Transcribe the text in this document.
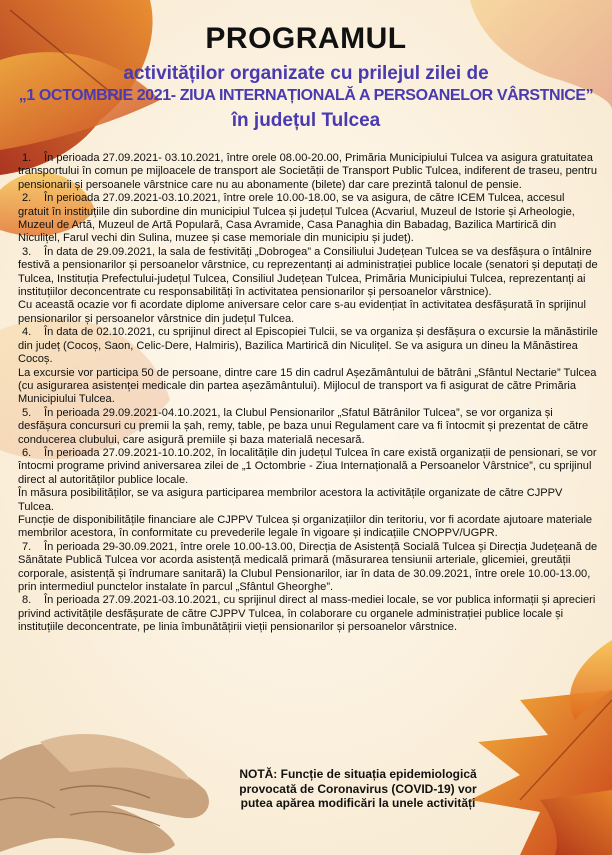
PROGRAMUL
activităților organizate cu prilejul zilei de
„1 OCTOMBRIE 2021- ZIUA INTERNAȚIONALĂ A PERSOANELOR VÂRSTNICE”
în județul Tulcea

1. În perioada 27.09.2021- 03.10.2021, între orele 08.00-20.00, Primăria Municipiului Tulcea va asigura gratuitatea transportului în comun pe mijloacele de transport ale Societății de Transport Public Tulcea, indiferent de traseu, pentru pensionarii și persoanele vârstnice care nu au abonamente (bilete) dar care prezintă talonul de pensie.

2. În perioada 27.09.2021-03.10.2021, între orele 10.00-18.00, se va asigura, de către ICEM Tulcea, accesul gratuit în instituțiile din subordine din municipiul Tulcea și județul Tulcea (Acvariul, Muzeul de Istorie și Arheologie, Muzeul de Artă, Muzeul de Artă Populară, Casa Avramide, Casa Panaghia din Babadag, Bazilica Martirică din Niculițel, Farul vechi din Sulina, muzee și case memoriale din municipiu și județ).

3. În data de 29.09.2021, la sala de festivități „Dobrogea” a Consiliului Județean Tulcea se va desfășura o întâlnire festivă a pensionarilor și persoanelor vârstnice, cu reprezentanți ai administrației publice locale (senatori și deputați de Tulcea, Instituția Prefectului-județul Tulcea, Consiliul Județean Tulcea, Primăria Municipiului Tulcea, reprezentanți ai instituțiilor deconcentrate cu responsabilități în activitatea pensionarilor și persoanelor vârstnice).

Cu această ocazie vor fi acordate diplome aniversare celor care s-au evidențiat în activitatea desfășurată în sprijinul pensionarilor și persoanelor vârstnice din județul Tulcea.

4. În data de 02.10.2021, cu sprijinul direct al Episcopiei Tulcii, se va organiza și desfășura o excursie la mănăstirile din județ (Cocoș, Saon, Celic-Dere, Halmiris), Bazilica Martirică din Niculițel. Se va asigura un dineu la Mănăstirea Cocoș.

La excursie vor participa 50 de persoane, dintre care 15 din cadrul Așezământului de bătrâni „Sfântul Nectarie” Tulcea (cu asigurarea asistenței medicale din partea așezământului). Mijlocul de transport va fi asigurat de către Primăria Municipiului Tulcea.

5. În perioada 29.09.2021-04.10.2021, la Clubul Pensionarilor „Sfatul Bătrânilor Tulcea”, se vor organiza și desfășura concursuri cu premii la șah, remy, table, pe baza unui Regulament care va fi întocmit și prezentat de către conducerea clubului, care asigură premiile și baza materială necesară.

6. În perioada 27.09.2021-10.10.202, în localitățile din județul Tulcea în care există organizații de pensionari, se vor întocmi programe privind aniversarea zilei de „1 Octombrie - Ziua Internațională a Persoanelor Vârstnice”, cu sprijinul direct al autorităților publice locale.

În măsura posibilităților, se va asigura participarea membrilor acestora la activitățile organizate de către CJPPV Tulcea.

Funcție de disponibilitățile financiare ale CJPPV Tulcea și organizațiilor din teritoriu, vor fi acordate ajutoare materiale membrilor acestora, în conformitate cu prevederile legale în vigoare și indicațiile CNOPPV/UGPR.

7. În perioada 29-30.09.2021, între orele 10.00-13.00, Direcția de Asistență Socială Tulcea și Direcția Județeană de Sănătate Publică Tulcea vor acorda asistență medicală primară (măsurarea tensiunii arteriale, glicemiei, greutății corporale, asistență și îndrumare sanitară) la Clubul Pensionarilor, iar în data de 30.09.2021, între orele 10.00-13.00, prin intermediul punctelor instalate în parcul „Sfântul Gheorghe”.

8. În perioada 27.09.2021-03.10.2021, cu sprijinul direct al mass-mediei locale, se vor publica informații și aprecieri privind activitățile desfășurate de către CJPPV Tulcea, în colaborare cu organele administrației publice locale și instituțiile deconcentrate, pe linia îmbunătățirii vieții pensionarilor și persoanelor vârstnice.

NOTĂ: Funcție de situația epidemiologică
provocată de Coronavirus (COVID-19) vor
putea apărea modificări la unele activități
